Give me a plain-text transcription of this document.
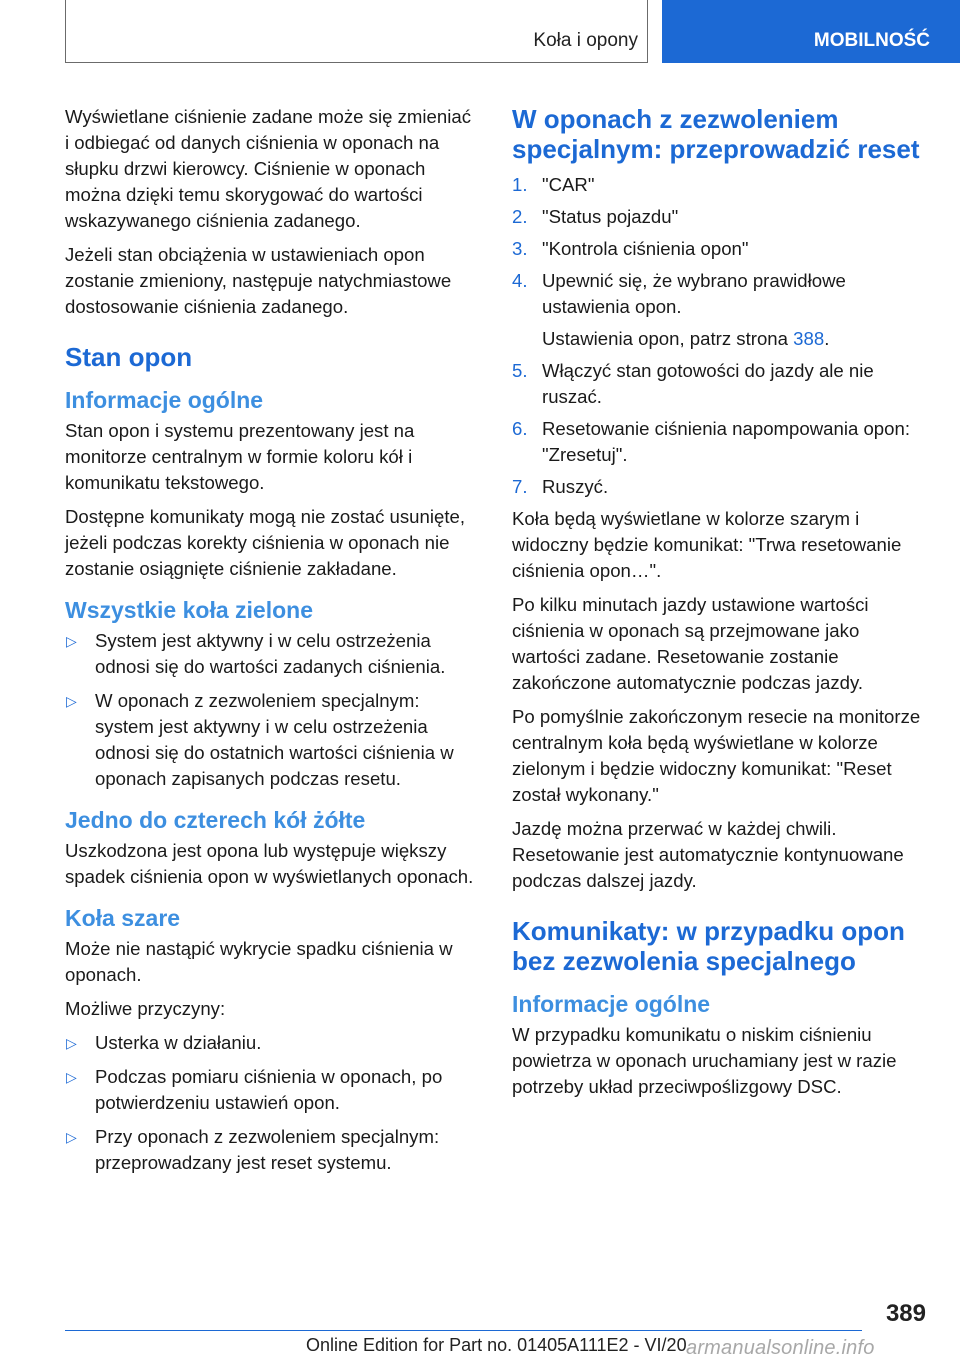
Koła i opony	MOBILNOŚĆ

Wyświetlane ciśnienie zadane może się zmieniać i odbiegać od danych ciśnienia w oponach na słupku drzwi kierowcy. Ciśnienie w oponach można dzięki temu skorygować do wartości wskazywanego ciśnienia zadanego.

Jeżeli stan obciążenia w ustawieniach opon zostanie zmieniony, następuje natychmiastowe dostosowanie ciśnienia zadanego.

Stan opon
Informacje ogólne

Stan opon i systemu prezentowany jest na monitorze centralnym w formie koloru kół i komunikatu tekstowego.

Dostępne komunikaty mogą nie zostać usunięte, jeżeli podczas korekty ciśnienia w oponach nie zostanie osiągnięte ciśnienie zakładane.

Wszystkie koła zielone
▷ System jest aktywny i w celu ostrzeżenia odnosi się do wartości zadanych ciśnienia.
▷ W oponach z zezwoleniem specjalnym: system jest aktywny i w celu ostrzeżenia odnosi się do ostatnich wartości ciśnienia w oponach zapisanych podczas resetu.
Jedno do czterech kół żółte

Uszkodzona jest opona lub występuje większy spadek ciśnienia opon w wyświetlanych oponach.

Koła szare

Może nie nastąpić wykrycie spadku ciśnienia w oponach.

Możliwe przyczyny:

▷ Usterka w działaniu.
▷ Podczas pomiaru ciśnienia w oponach, po potwierdzeniu ustawień opon.
▷ Przy oponach z zezwoleniem specjalnym: przeprowadzany jest reset systemu.
W oponach z zezwoleniem specjalnym: przeprowadzić reset
1. "CAR"
2. "Status pojazdu"
3. "Kontrola ciśnienia opon"
4. Upewnić się, że wybrano prawidłowe ustawienia opon.

Ustawienia opon, patrz strona 388.

5. Włączyć stan gotowości do jazdy ale nie ruszać.
6. Resetowanie ciśnienia napompowania opon: "Zresetuj".
7. Ruszyć.

Koła będą wyświetlane w kolorze szarym i widoczny będzie komunikat: "Trwa resetowanie ciśnienia opon…".

Po kilku minutach jazdy ustawione wartości ciśnienia w oponach są przejmowane jako wartości zadane. Resetowanie zostanie zakończone automatycznie podczas jazdy.

Po pomyślnie zakończonym resecie na monitorze centralnym koła będą wyświetlane w kolorze zielonym i będzie widoczny komunikat: "Reset został wykonany."

Jazdę można przerwać w każdej chwili. Resetowanie jest automatycznie kontynuowane podczas dalszej jazdy.

Komunikaty: w przypadku opon bez zezwolenia specjalnego
Informacje ogólne

W przypadku komunikatu o niskim ciśnieniu powietrza w oponach uruchamiany jest w razie potrzeby układ przeciwpoślizgowy DSC.

389
Online Edition for Part no. 01405A111E2 - VI/20 armanualsonline.info
